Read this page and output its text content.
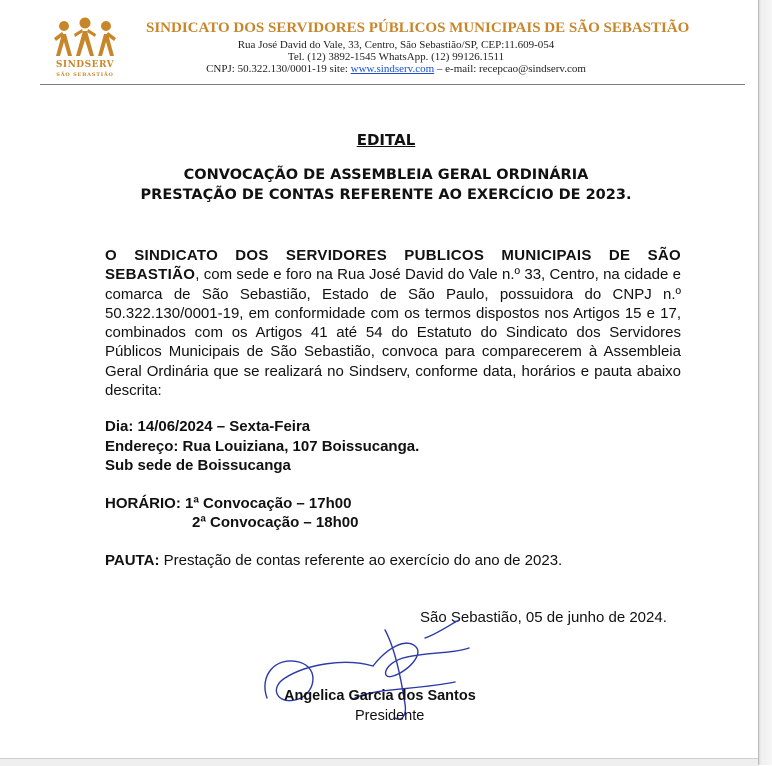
SINDSERV
SÃO SEBASTIÃO
SINDICATO DOS SERVIDORES PÚBLICOS MUNICIPAIS DE SÃO SEBASTIÃO
Rua José David do Vale, 33, Centro, São Sebastião/SP, CEP:11.609-054
Tel. (12) 3892-1545 WhatsApp. (12) 99126.1511
CNPJ: 50.322.130/0001-19 site: www.sindserv.com – e-mail: recepcao@sindserv.com
EDITAL
CONVOCAÇÃO DE ASSEMBLEIA GERAL ORDINÁRIA
PRESTAÇÃO DE CONTAS REFERENTE AO EXERCÍCIO DE 2023.
O SINDICATO DOS SERVIDORES PUBLICOS MUNICIPAIS DE SÃO SEBASTIÃO, com sede e foro na Rua José David do Vale n.º 33, Centro, na cidade e comarca de São Sebastião, Estado de São Paulo, possuidora do CNPJ n.º 50.322.130/0001-19, em conformidade com os termos dispostos nos Artigos 15 e 17, combinados com os Artigos 41 até 54 do Estatuto do Sindicato dos Servidores Públicos Municipais de São Sebastião, convoca para comparecerem à Assembleia Geral Ordinária que se realizará no Sindserv, conforme data, horários e pauta abaixo descrita:
Dia: 14/06/2024 – Sexta-Feira
Endereço: Rua Louiziana, 107 Boissucanga.
Sub sede de Boissucanga
HORÁRIO: 1ª Convocação – 17h00
2ª Convocação – 18h00
PAUTA: Prestação de contas referente ao exercício do ano de 2023.
São Sebastião, 05 de junho de 2024.
Angelica Garcia dos Santos
Presidente
